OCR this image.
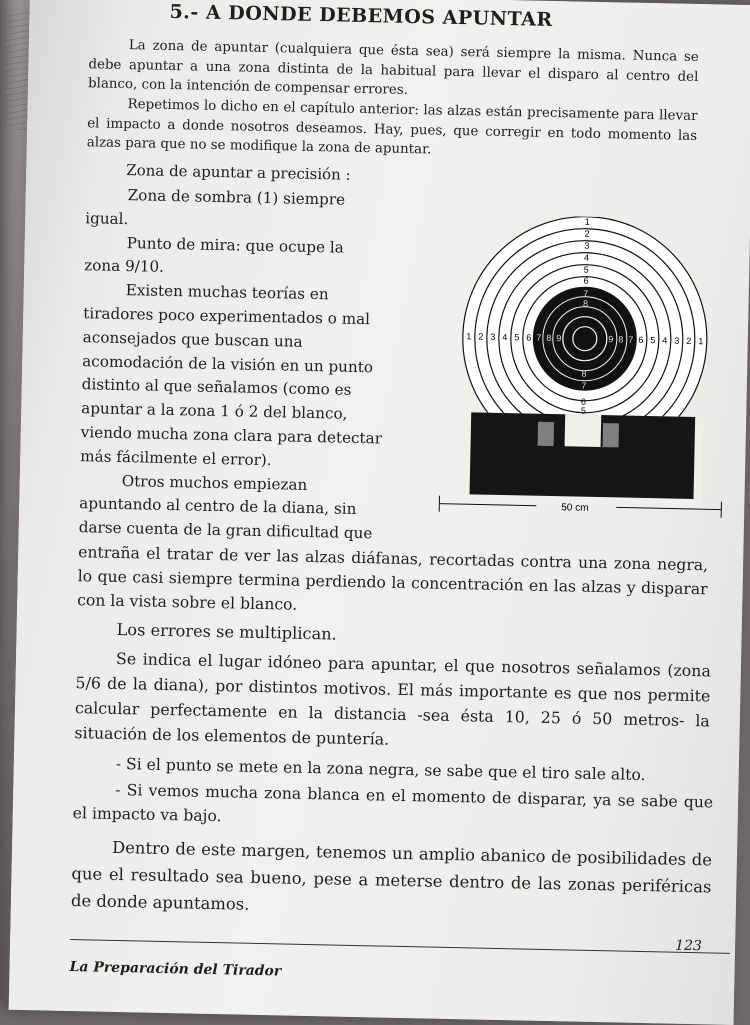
5.- A DONDE DEBEMOS APUNTAR

La zona de apuntar (cualquiera que ésta sea) será siempre la misma. Nunca se debe apuntar a una zona distinta de la habitual para llevar el disparo al centro del blanco, con la intención de compensar errores.

Repetimos lo dicho en el capítulo anterior: las alzas están precisamente para llevar el impacto a donde nosotros deseamos. Hay, pues, que corregir en todo momento las alzas para que no se modifique la zona de apuntar.

Zona de apuntar a precisión :

Zona de sombra (1) siempre
igual.
Punto de mira: que ocupe la
zona 9/10.
Existen muchas teorías en
tiradores poco experimentados o mal
aconsejados que buscan una
acomodación de la visión en un punto
distinto al que señalamos (como es
apuntar a la zona 1 ó 2 del blanco,
viendo mucha zona clara para detectar
más fácilmente el error).
Otros muchos empiezan
apuntando al centro de la diana, sin
darse cuenta de la gran dificultad que

entraña el tratar de ver las alzas diáfanas, recortadas contra una zona negra, lo que casi siempre termina perdiendo la concentración en las alzas y disparar con la vista sobre el blanco.

Los errores se multiplican.

Se indica el lugar idóneo para apuntar, el que nosotros señalamos (zona 5/6 de la diana), por distintos motivos. El más importante es que nos permite calcular perfectamente en la distancia -sea ésta 10, 25 ó 50 metros- la situación de los elementos de puntería.

- Si el punto se mete en la zona negra, se sabe que el tiro sale alto.

- Si vemos mucha zona blanca en el momento de disparar, ya se sabe que el impacto va bajo.

Dentro de este margen, tenemos un amplio abanico de posibilidades de que el resultado sea bueno, pese a meterse dentro de las zonas periféricas de donde apuntamos.

50 cm
1
2
3
4
5
6
7
8
1 2 3 4 5 6 7 8 9	9 8 7 6 5 4 3 2 1
8
7
6
5
123
La Preparación del Tirador
